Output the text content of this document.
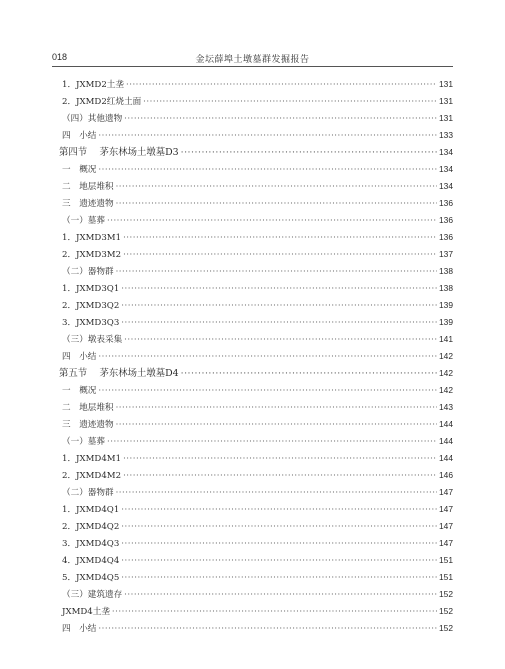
018	金坛薛埠土墩墓群发掘报告
1．JXMD2土垄 ·····	131
2．JXMD2红烧土面 ·····	131
（四）其他遗物 ·····	131
四　小结 ·····	133
第四节　 茅东林场土墩墓D3 ·····	134
一　概况 ·····	134
二　地层堆积 ·····	134
三　遗迹遗物 ·····	136
（一）墓葬 ·····	136
1．JXMD3M1 ·····	136
2．JXMD3M2 ·····	137
（二）器物群 ·····	138
1．JXMD3Q1 ·····	138
2．JXMD3Q2 ·····	139
3．JXMD3Q3 ·····	139
（三）墩表采集 ·····	141
四　小结 ·····	142
第五节　 茅东林场土墩墓D4 ·····	142
一　概况 ·····	142
二　地层堆积 ·····	143
三　遗迹遗物 ·····	144
（一）墓葬 ·····	144
1．JXMD4M1 ·····	144
2．JXMD4M2 ·····	146
（二）器物群 ·····	147
1．JXMD4Q1 ·····	147
2．JXMD4Q2 ·····	147
3．JXMD4Q3 ·····	147
4．JXMD4Q4 ·····	151
5．JXMD4Q5 ·····	151
（三）建筑遗存 ·····	152
JXMD4土垄 ·····	152
四　小结 ·····	152
